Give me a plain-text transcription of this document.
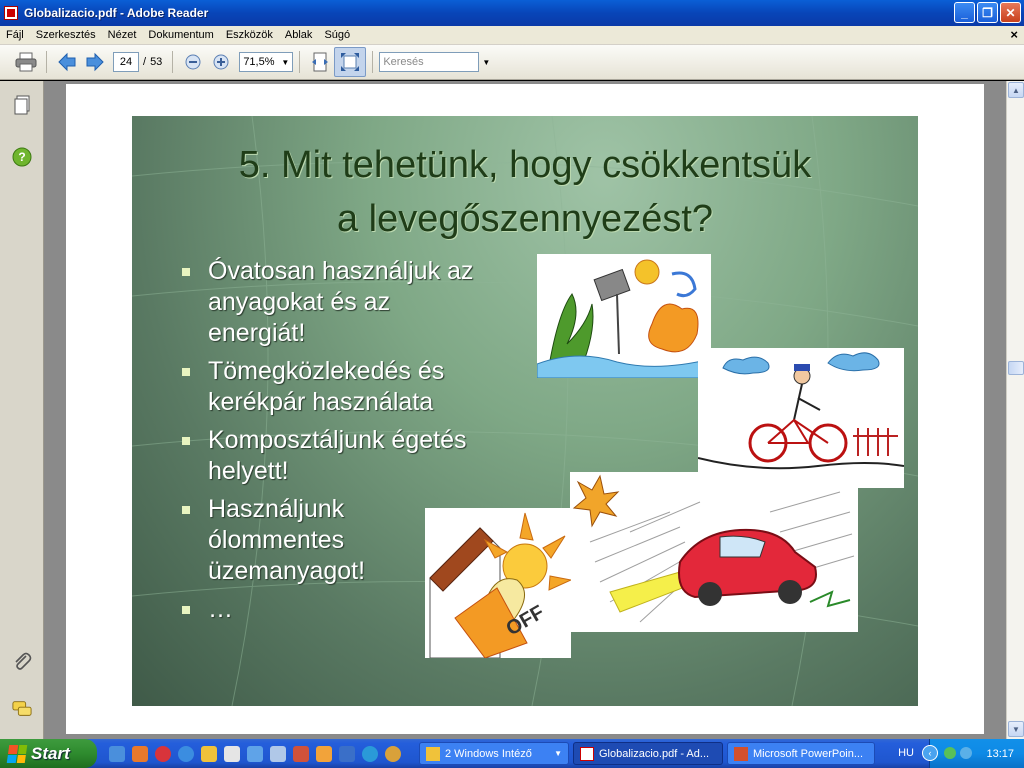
Globalizacio.pdf - Adobe Reader	_	❐	✕
Fájl	Szerkesztés	Nézet	Dokumentum	Eszközök	Ablak	Súgó	×
24 / 53	71,5% ▼	Keresés	▼
?	5. Mit tehetünk, hogy csökkentsük
a levegőszennyezést?
Óvatosan használjuk az anyagokat és az energiát!
Tömegközlekedés és kerékpár használata
Komposztáljunk égetés helyett!
Használjunk ólommentes üzemanyagot!
…	OFF
▲
▼
Start	2 Windows Intéző	▼	Globalizacio.pdf - Ad...	Microsoft PowerPoin...	HU	‹	13:17
